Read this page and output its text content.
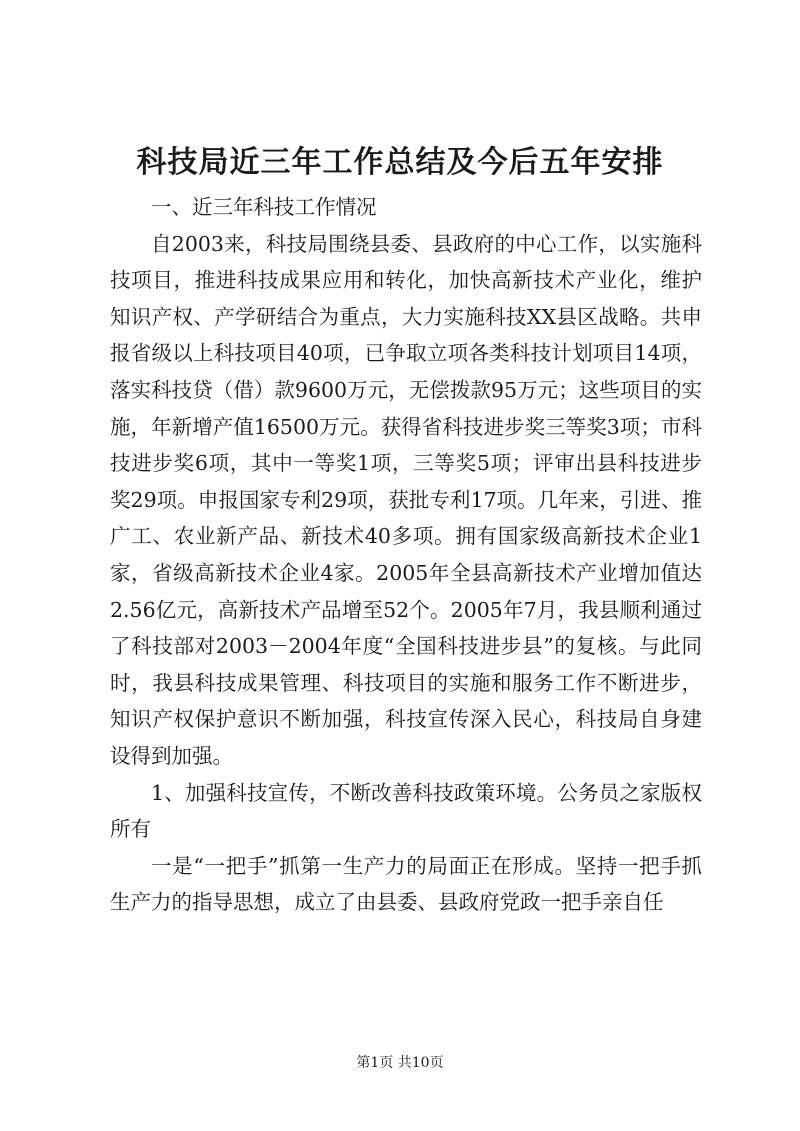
科技局近三年工作总结及今后五年安排

一、近三年科技工作情况

自2003来，科技局围绕县委、县政府的中心工作，以实施科技项目，推进科技成果应用和转化，加快高新技术产业化，维护知识产权、产学研结合为重点，大力实施科技XX县区战略。共申报省级以上科技项目40项，已争取立项各类科技计划项目14项，落实科技贷（借）款9600万元，无偿拨款95万元；这些项目的实施，年新增产值16500万元。获得省科技进步奖三等奖3项；市科技进步奖6项，其中一等奖1项，三等奖5项；评审出县科技进步奖29项。申报国家专利29项，获批专利17项。几年来，引进、推广工、农业新产品、新技术40多项。拥有国家级高新技术企业1家，省级高新技术企业4家。2005年全县高新技术产业增加值达2.56亿元，高新技术产品增至52个。2005年7月，我县顺利通过了科技部对2003－2004年度“全国科技进步县”的复核。与此同时，我县科技成果管理、科技项目的实施和服务工作不断进步，知识产权保护意识不断加强，科技宣传深入民心，科技局自身建设得到加强。

1、加强科技宣传，不断改善科技政策环境。公务员之家版权所有

一是“一把手”抓第一生产力的局面正在形成。坚持一把手抓生产力的指导思想，成立了由县委、县政府党政一把手亲自任

第1页 共10页
